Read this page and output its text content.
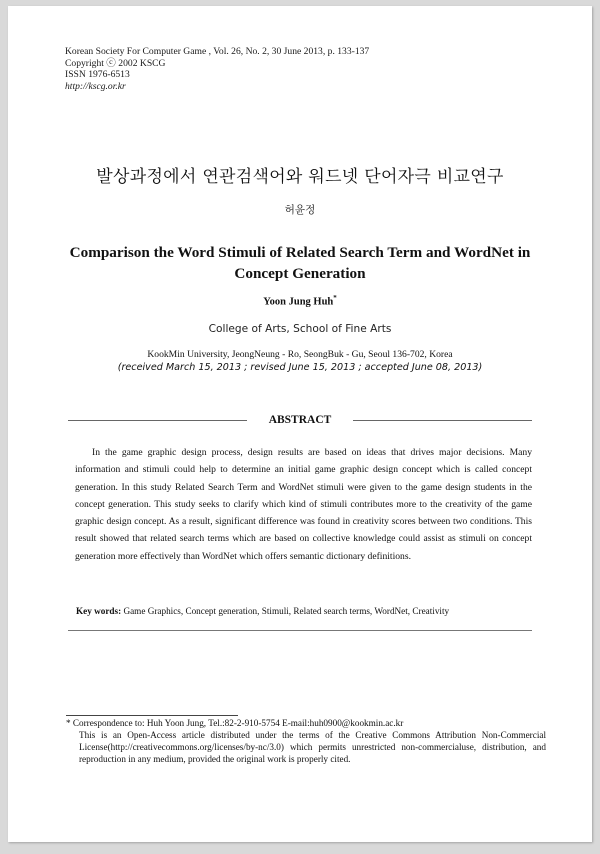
Korean Society For Computer Game , Vol. 26, No. 2, 30 June 2013, p. 133-137
Copyright ⓒ 2002 KSCG
ISSN 1976-6513
http://kscg.or.kr
발상과정에서 연관검색어와 워드넷 단어자극 비교연구
허윤정
Comparison the Word Stimuli of Related Search Term and WordNet in Concept Generation
Yoon Jung Huh*
College of Arts, School of Fine Arts
KookMin University, JeongNeung - Ro, SeongBuk - Gu, Seoul 136-702, Korea
(received March 15, 2013 ; revised June 15, 2013 ; accepted June 08, 2013)
ABSTRACT
In the game graphic design process, design results are based on ideas that drives major decisions. Many information and stimuli could help to determine an initial game graphic design concept which is called concept generation. In this study Related Search Term and WordNet stimuli were given to the game design students in the concept generation. This study seeks to clarify which kind of stimuli contributes more to the creativity of the game graphic design concept. As a result, significant difference was found in creativity scores between two conditions. This result showed that related search terms which are based on collective knowledge could assist as stimuli on concept generation more effectively than WordNet which offers semantic dictionary definitions.
Key words: Game Graphics, Concept generation, Stimuli, Related search terms, WordNet, Creativity
* Correspondence to: Huh Yoon Jung, Tel.:82-2-910-5754 E-mail:huh0900@kookmin.ac.kr
This is an Open-Access article distributed under the terms of the Creative Commons Attribution Non-Commercial License(http://creativecommons.org/licenses/by-nc/3.0) which permits unrestricted non-commercialuse, distribution, and reproduction in any medium, provided the original work is properly cited.
